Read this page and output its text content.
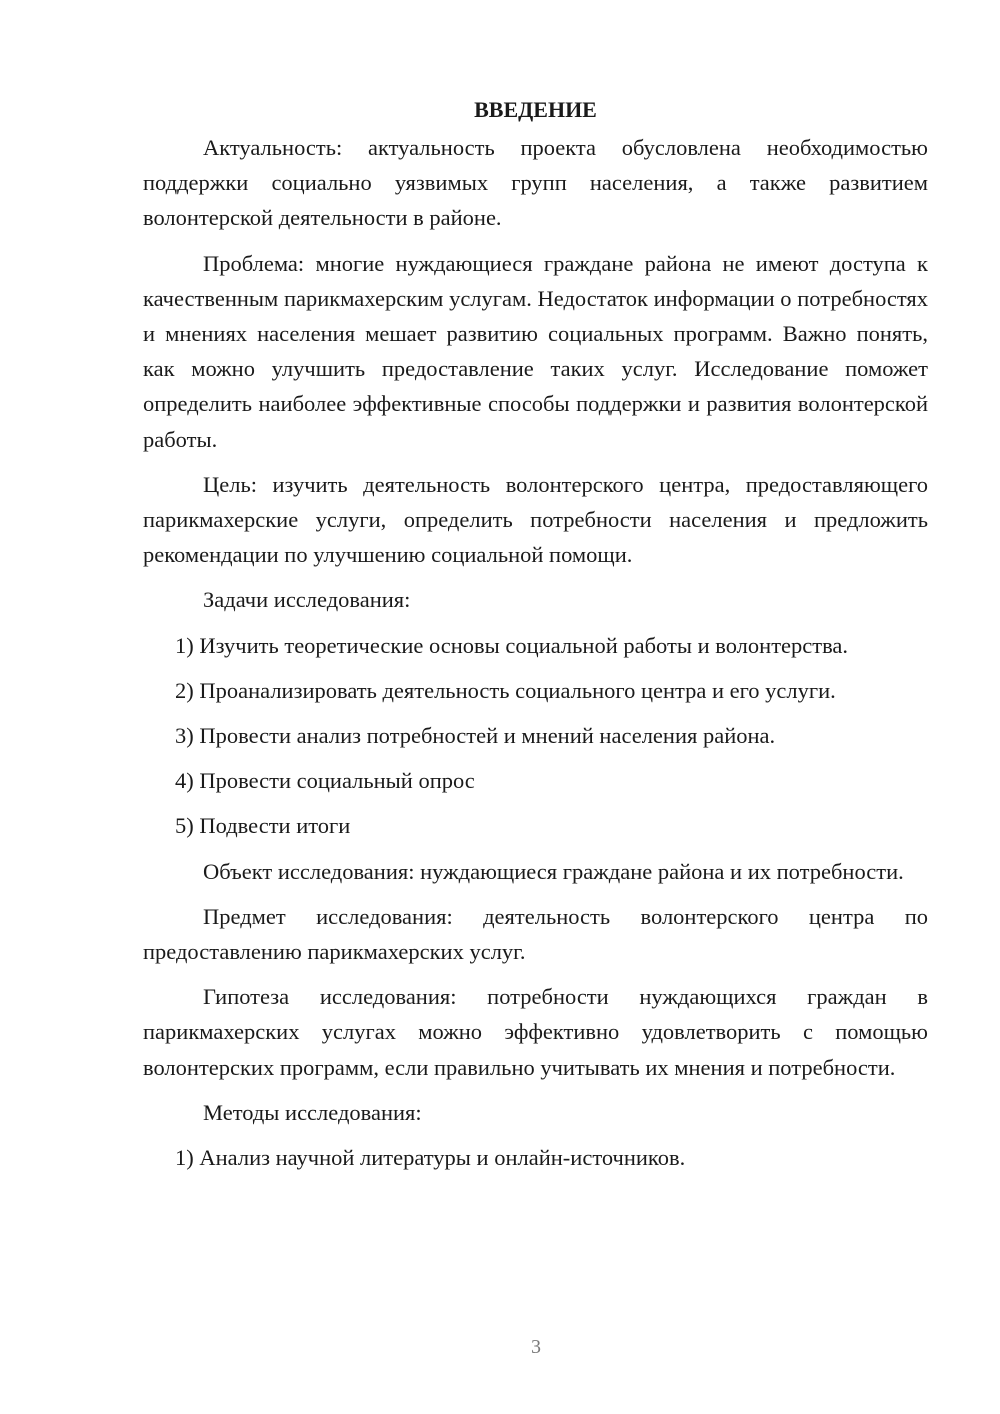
ВВЕДЕНИЕ

Актуальность: актуальность проекта обусловлена необходимостью поддержки социально уязвимых групп населения, а также развитием волонтерской деятельности в районе.

Проблема: многие нуждающиеся граждане района не имеют доступа к качественным парикмахерским услугам. Недостаток информации о потребностях и мнениях населения мешает развитию социальных программ. Важно понять, как можно улучшить предоставление таких услуг. Исследование поможет определить наиболее эффективные способы поддержки и развития волонтерской работы.

Цель: изучить деятельность волонтерского центра, предоставляющего парикмахерские услуги, определить потребности населения и предложить рекомендации по улучшению социальной помощи.

Задачи исследования:

1) Изучить теоретические основы социальной работы и волонтерства.
2) Проанализировать деятельность социального центра и его услуги.
3) Провести анализ потребностей и мнений населения района.
4) Провести социальный опрос
5) Подвести итоги

Объект исследования: нуждающиеся граждане района и их потребности.

Предмет исследования: деятельность волонтерского центра по предоставлению парикмахерских услуг.

Гипотеза исследования: потребности нуждающихся граждан в парикмахерских услугах можно эффективно удовлетворить с помощью волонтерских программ, если правильно учитывать их мнения и потребности.

Методы исследования:

1) Анализ научной литературы и онлайн-источников.
3
